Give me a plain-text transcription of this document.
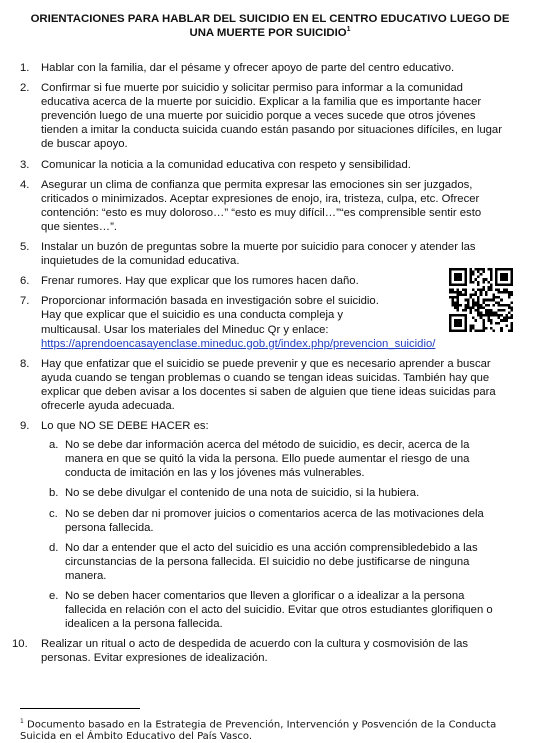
ORIENTACIONES PARA HABLAR DEL SUICIDIO EN EL CENTRO EDUCATIVO LUEGO DE UNA MUERTE POR SUICIDIO$^1$
1. Hablar con la familia, dar el pésame y ofrecer apoyo de parte del centro educativo.
2. Confirmar si fue muerte por suicidio y solicitar permiso para informar a la comunidad educativa acerca de la muerte por suicidio. Explicar a la familia que es importante hacer prevención luego de una muerte por suicidio porque a veces sucede que otros jóvenes tienden a imitar la conducta suicida cuando están pasando por situaciones difíciles, en lugar de buscar apoyo.
3. Comunicar la noticia a la comunidad educativa con respeto y sensibilidad.
4. Asegurar un clima de confianza que permita expresar las emociones sin ser juzgados, criticados o minimizados. Aceptar expresiones de enojo, ira, tristeza, culpa, etc. Ofrecer contención: “esto es muy doloroso…” “esto es muy difícil…”“es comprensible sentir esto que sientes…”.
5. Instalar un buzón de preguntas sobre la muerte por suicidio para conocer y atender las inquietudes de la comunidad educativa.
6. Frenar rumores. Hay que explicar que los rumores hacen daño.
7. Proporcionar información basada en investigación sobre el suicidio.
Hay que explicar que el suicidio es una conducta compleja y
multicausal. Usar los materiales del Mineduc Qr y enlace:
https://aprendoencasayenclase.mineduc.gob.gt/index.php/prevencion_suicidio/
8. Hay que enfatizar que el suicidio se puede prevenir y que es necesario aprender a buscar ayuda cuando se tengan problemas o cuando se tengan ideas suicidas. También hay que explicar que deben avisar a los docentes si saben de alguien que tiene ideas suicidas para ofrecerle ayuda adecuada.
9. Lo que NO SE DEBE HACER es:
a. No se debe dar información acerca del método de suicidio, es decir, acerca de la manera en que se quitó la vida la persona. Ello puede aumentar el riesgo de una conducta de imitación en las y los jóvenes más vulnerables.
b. No se debe divulgar el contenido de una nota de suicidio, si la hubiera.
c. No se deben dar ni promover juicios o comentarios acerca de las motivaciones dela persona fallecida.
d. No dar a entender que el acto del suicidio es una acción comprensibledebido a las circunstancias de la persona fallecida. El suicidio no debe justificarse de ninguna manera.
e. No se deben hacer comentarios que lleven a glorificar o a idealizar a la persona fallecida en relación con el acto del suicidio. Evitar que otros estudiantes glorifiquen o idealicen a la persona fallecida.
10. Realizar un ritual o acto de despedida de acuerdo con la cultura y cosmovisión de las personas. Evitar expresiones de idealización.
$^1$ Documento basado en la Estrategia de Prevención, Intervención y Posvención de la Conducta Suicida en el Ámbito Educativo del País Vasco.
